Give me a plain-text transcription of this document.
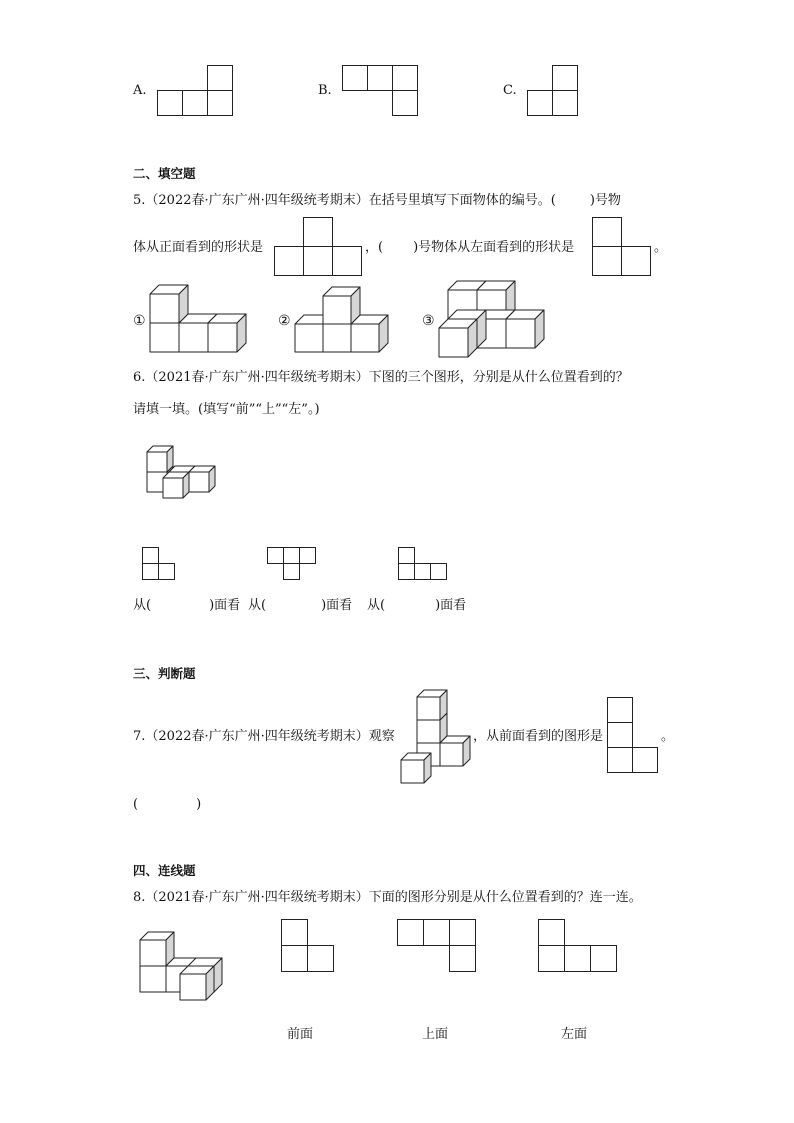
A.	B.	C.
二、填空题
5.（2022春·广东广州·四年级统考期末）在括号里填写下面物体的编号。(	)号物
体从正面看到的形状是	，( )号物体从左面看到的形状是	。
①	②	③
6.（2021春·广东广州·四年级统考期末）下图的三个图形，分别是从什么位置看到的？
请填一填。(填写“前”“上”“左”。)
从(	)面看 从(	)面看 从(	)面看
三、判断题
7.（2022春·广东广州·四年级统考期末）观察	，从前面看到的图形是	。
(	)
四、连线题
8.（2021春·广东广州·四年级统考期末）下面的图形分别是从什么位置看到的？连一连。
前面	上面	左面
